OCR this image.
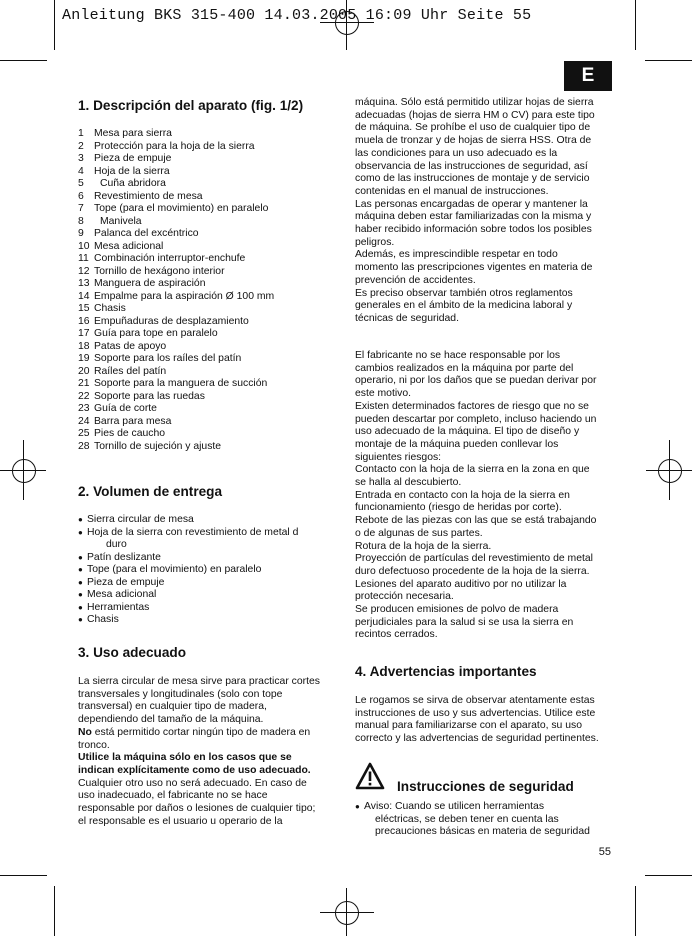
Anleitung BKS 315-400 14.03.2005 16:09 Uhr Seite 55
E
1. Descripción del aparato (fig. 1/2)
1 Mesa para sierra
2 Protección para la hoja de la sierra
3 Pieza de empuje
4 Hoja de la sierra
5 Cuña abridora
6 Revestimiento de mesa
7 Tope (para el movimiento) en paralelo
8 Manivela
9 Palanca del excéntrico
10 Mesa adicional
11 Combinación interruptor-enchufe
12 Tornillo de hexágono interior
13 Manguera de aspiración
14 Empalme para la aspiración Ø 100 mm
15 Chasis
16 Empuñaduras de desplazamiento
17 Guía para tope en paralelo
18 Patas de apoyo
19 Soporte para los raíles del patín
20 Raíles del patín
21 Soporte para la manguera de succión
22 Soporte para las ruedas
23 Guía de corte
24 Barra para mesa
25 Pies de caucho
28 Tornillo de sujeción y ajuste
2. Volumen de entrega
● Sierra circular de mesa
● Hoja de la sierra con revestimiento de metal d
duro
● Patín deslizante
● Tope (para el movimiento) en paralelo
● Pieza de empuje
● Mesa adicional
● Herramientas
● Chasis
3. Uso adecuado

La sierra circular de mesa sirve para practicar cortes

transversales y longitudinales (solo con tope

transversal) en cualquier tipo de madera,

dependiendo del tamaño de la máquina.

No está permitido cortar ningún tipo de madera en

tronco.

Utilice la máquina sólo en los casos que se

indican explícitamente como de uso adecuado.

Cualquier otro uso no será adecuado. En caso de

uso inadecuado, el fabricante no se hace

responsable por daños o lesiones de cualquier tipo;

el responsable es el usuario u operario de la

máquina. Sólo está permitido utilizar hojas de sierra

adecuadas (hojas de sierra HM o CV) para este tipo

de máquina. Se prohíbe el uso de cualquier tipo de

muela de tronzar y de hojas de sierra HSS. Otra de

las condiciones para un uso adecuado es la

observancia de las instrucciones de seguridad, así

como de las instrucciones de montaje y de servicio

contenidas en el manual de instrucciones.

Las personas encargadas de operar y mantener la

máquina deben estar familiarizadas con la misma y

haber recibido información sobre todos los posibles

peligros.

Además, es imprescindible respetar en todo

momento las prescripciones vigentes en materia de

prevención de accidentes.

Es preciso observar también otros reglamentos

generales en el ámbito de la medicina laboral y

técnicas de seguridad.

El fabricante no se hace responsable por los

cambios realizados en la máquina por parte del

operario, ni por los daños que se puedan derivar por

este motivo.

Existen determinados factores de riesgo que no se

pueden descartar por completo, incluso haciendo un

uso adecuado de la máquina. El tipo de diseño y

montaje de la máquina pueden conllevar los

siguientes riesgos:

Contacto con la hoja de la sierra en la zona en que

se halla al descubierto.

Entrada en contacto con la hoja de la sierra en

funcionamiento (riesgo de heridas por corte).

Rebote de las piezas con las que se está trabajando

o de algunas de sus partes.

Rotura de la hoja de la sierra.

Proyección de partículas del revestimiento de metal

duro defectuoso procedente de la hoja de la sierra.

Lesiones del aparato auditivo por no utilizar la

protección necesaria.

Se producen emisiones de polvo de madera

perjudiciales para la salud si se usa la sierra en

recintos cerrados.

4. Advertencias importantes

Le rogamos se sirva de observar atentamente estas

instrucciones de uso y sus advertencias. Utilice este

manual para familiarizarse con el aparato, su uso

correcto y las advertencias de seguridad pertinentes.

Instrucciones de seguridad
● Aviso: Cuando se utilicen herramientas
eléctricas, se deben tener en cuenta las
precauciones básicas en materia de seguridad
55
